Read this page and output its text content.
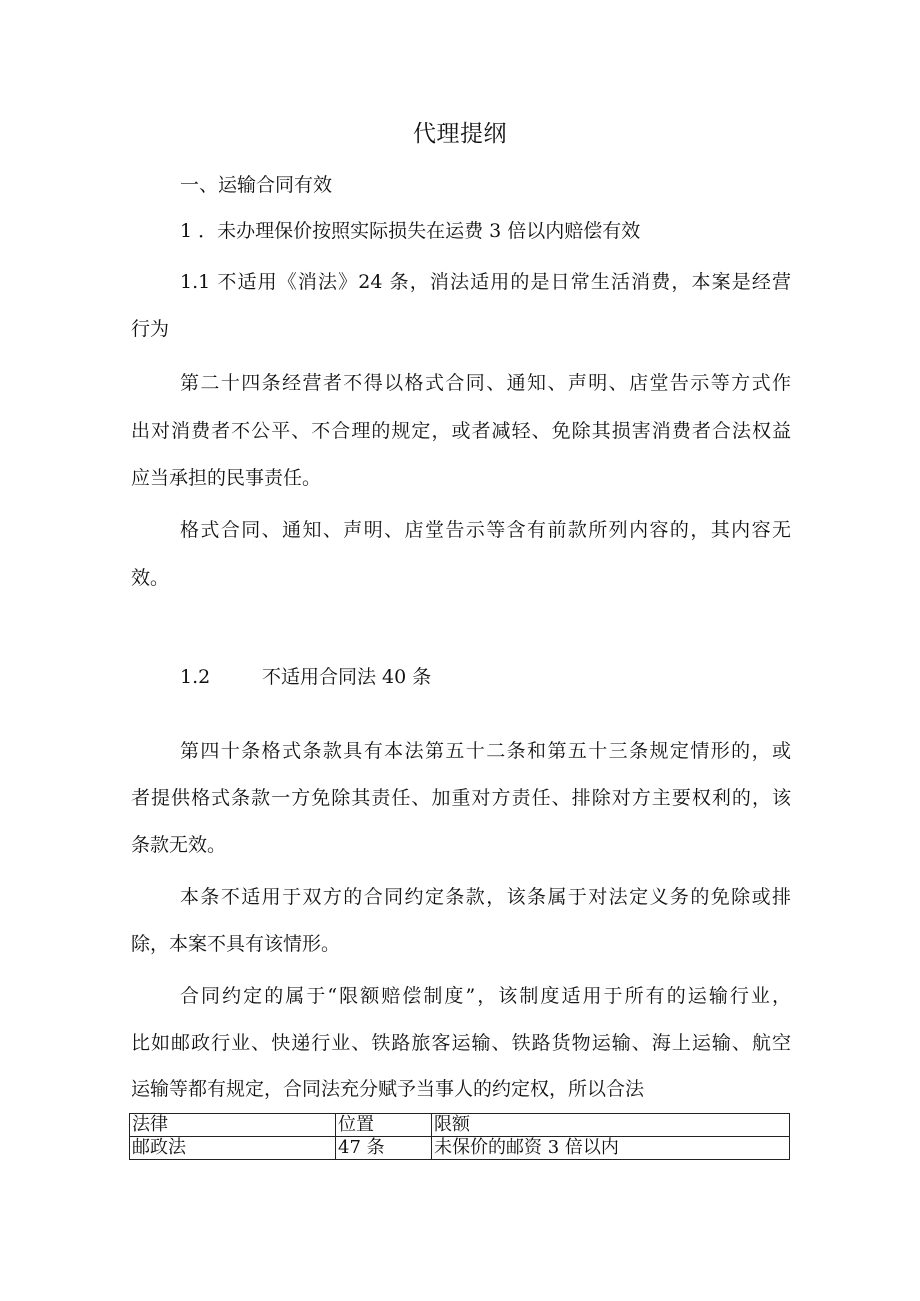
代理提纲
一、运输合同有效
1 ．未办理保价按照实际损失在运费 3 倍以内赔偿有效
1.1 不适用《消法》24 条，消法适用的是日常生活消费，本案是经营
行为
第二十四条经营者不得以格式合同、通知、声明、店堂告示等方式作
出对消费者不公平、不合理的规定，或者减轻、免除其损害消费者合法权益
应当承担的民事责任。
格式合同、通知、声明、店堂告示等含有前款所列内容的，其内容无
效。
1.2	不适用合同法 40 条
第四十条格式条款具有本法第五十二条和第五十三条规定情形的，或
者提供格式条款一方免除其责任、加重对方责任、排除对方主要权利的，该
条款无效。
本条不适用于双方的合同约定条款，该条属于对法定义务的免除或排
除，本案不具有该情形。
合同约定的属于“限额赔偿制度”，该制度适用于所有的运输行业，
比如邮政行业、快递行业、铁路旅客运输、铁路货物运输、海上运输、航空
运输等都有规定，合同法充分赋予当事人的约定权，所以合法
法律	位置	限额
邮政法	47 条	未保价的邮资 3 倍以内
